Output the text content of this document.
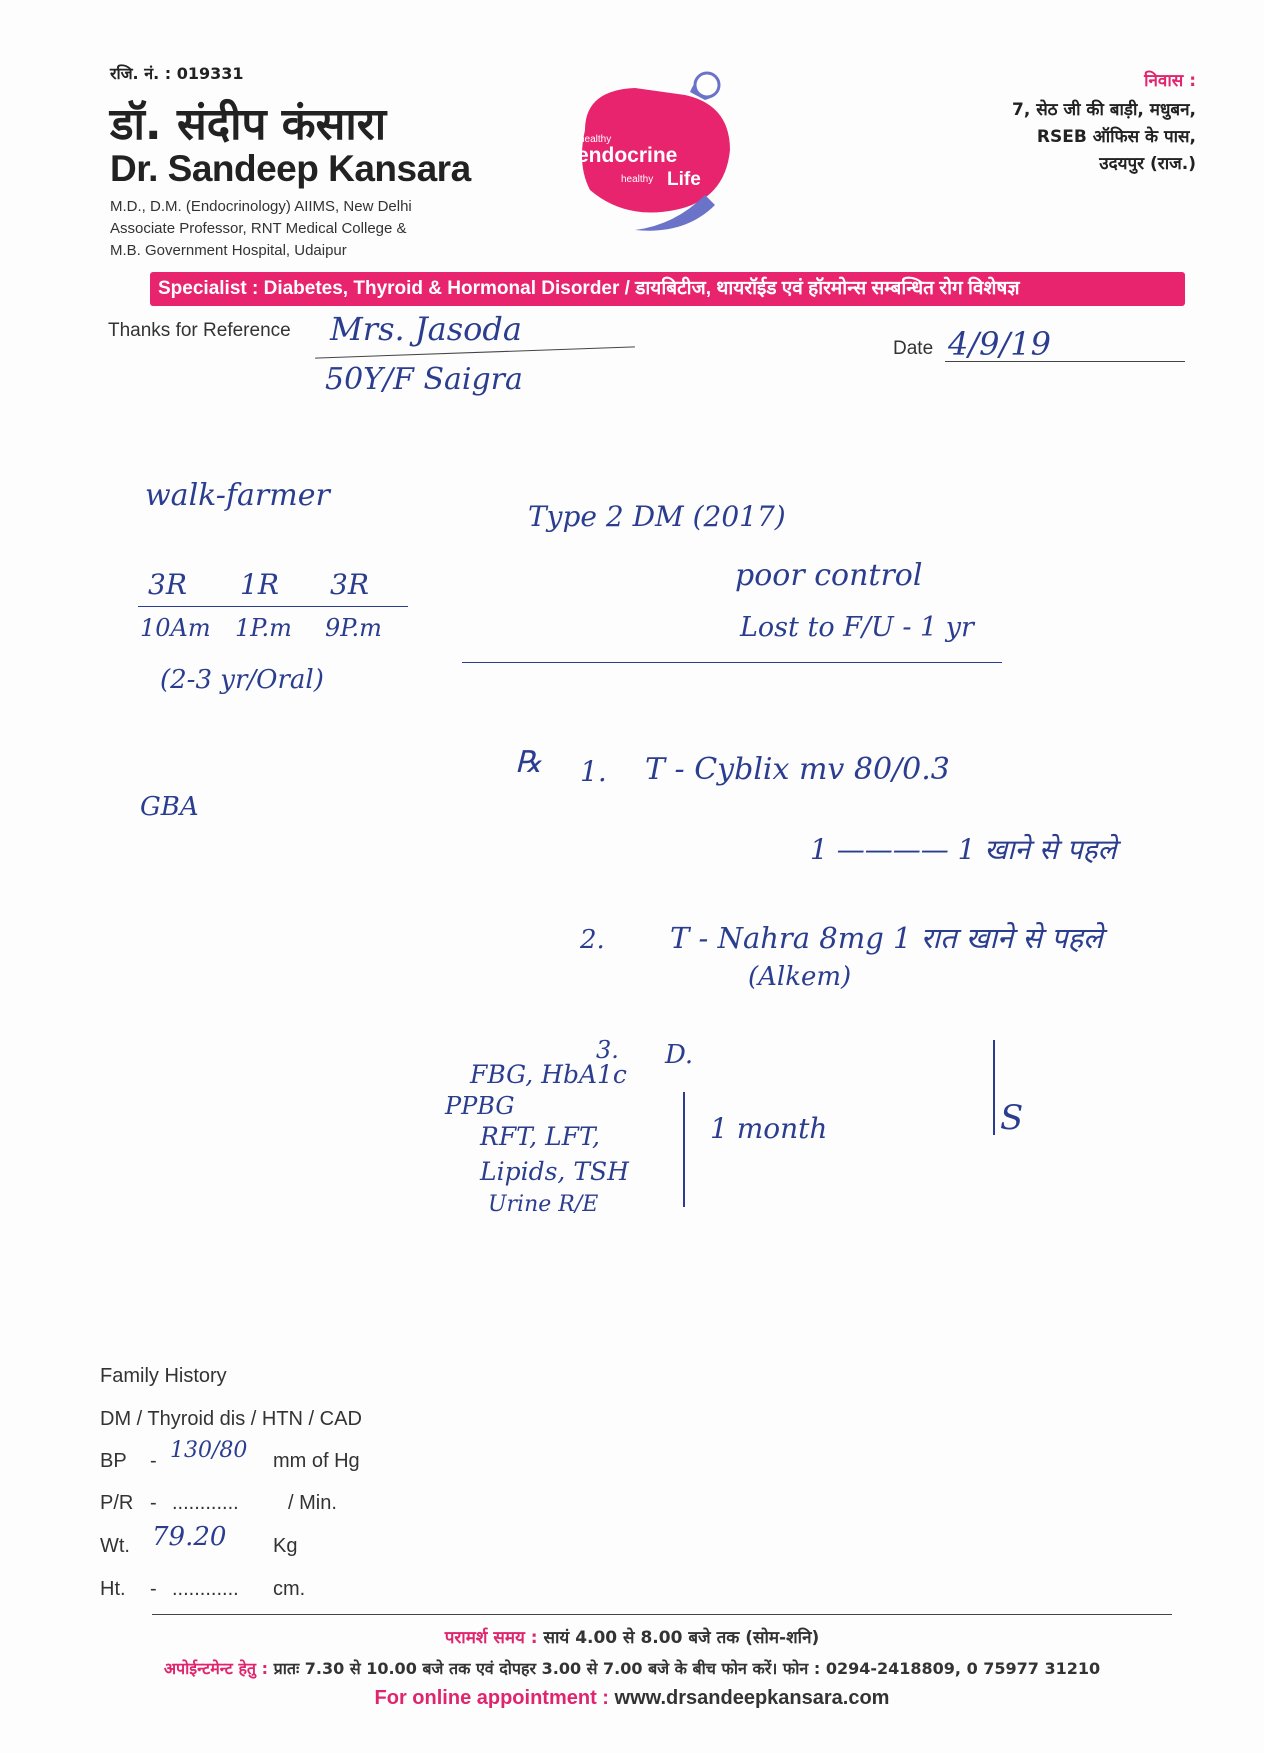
रजि. नं. : 019331
डॉ. संदीप कंसारा
Dr. Sandeep Kansara
M.D., D.M. (Endocrinology) AIIMS, New Delhi
Associate Professor, RNT Medical College &
M.B. Government Hospital, Udaipur
healthy
endocrine
healthy Life
निवास :
7, सेठ जी की बाड़ी, मधुबन,
RSEB ऑफिस के पास,
उदयपुर (राज.)
Specialist : Diabetes, Thyroid & Hormonal Disorder / डायबिटीज, थायरॉईड एवं हॉरमोन्स सम्बन्धित रोग विशेषज्ञ
Thanks for Reference Mrs. Jasoda
50Y/F Saigra
Date 4/9/19
walk-farmer
3R 1R 3R
10Am 1P.m 9P.m
(2-3 yr/Oral)
GBA
Type 2 DM (2017)
poor control
Lost to F/U - 1 yr
℞ 1. T - Cyblix mv 80/0.3
1 ———— 1 खाने से पहले
2. T - Nahra 8mg 1 रात खाने से पहले
(Alkem)
3. D.
FBG, HbA1c
PPBG
RFT, LFT,
Lipids, TSH
Urine R/E
1 month	S
Family History
DM / Thyroid dis / HTN / CAD
BP - 130/80 mm of Hg
P/R - ............ / Min.
Wt. 79.20 Kg
Ht. - ............ cm.
परामर्श समय : सायं 4.00 से 8.00 बजे तक (सोम-शनि)
अपोईन्टमेन्ट हेतु : प्रातः 7.30 से 10.00 बजे तक एवं दोपहर 3.00 से 7.00 बजे के बीच फोन करें। फोन : 0294-2418809, 0 75977 31210
For online appointment : www.drsandeepkansara.com
